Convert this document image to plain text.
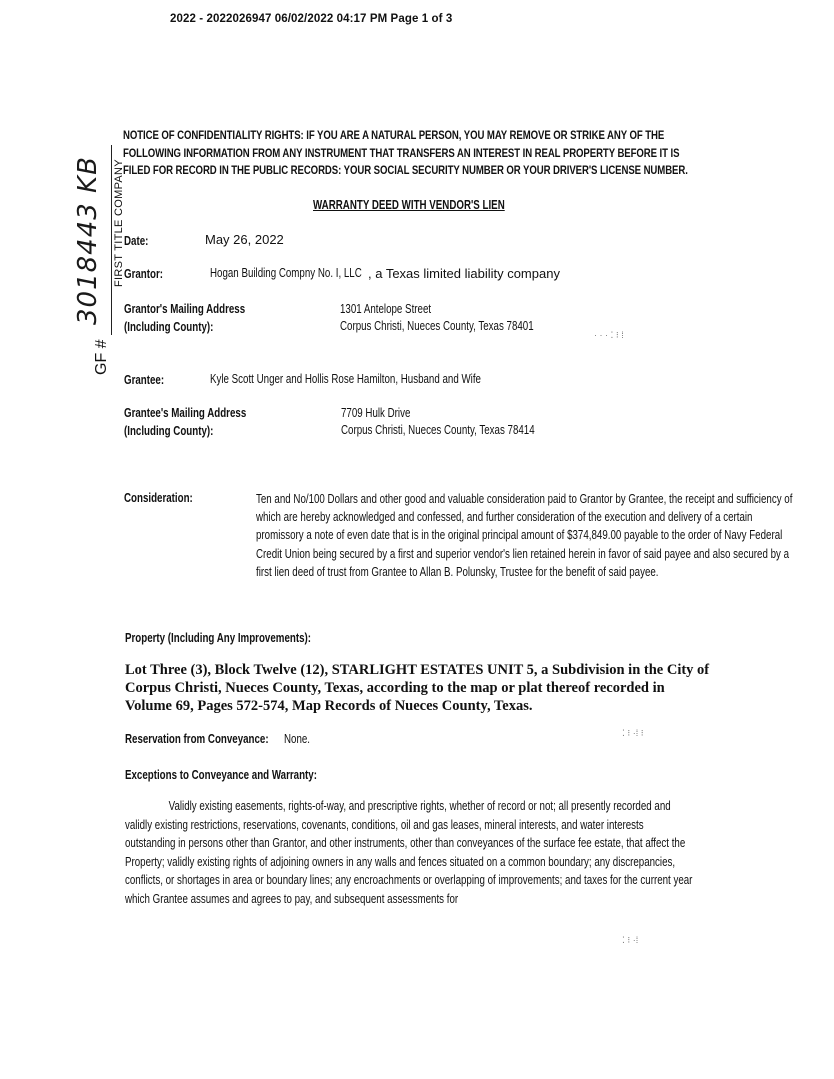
2022 - 2022026947 06/02/2022 04:17 PM Page 1 of 3
GF #
3018443 KB FIRST TITLE COMPANY
NOTICE OF CONFIDENTIALITY RIGHTS: IF YOU ARE A NATURAL PERSON, YOU MAY REMOVE OR STRIKE ANY OF THE FOLLOWING INFORMATION FROM ANY INSTRUMENT THAT TRANSFERS AN INTEREST IN REAL PROPERTY BEFORE IT IS FILED FOR RECORD IN THE PUBLIC RECORDS: YOUR SOCIAL SECURITY NUMBER OR YOUR DRIVER'S LICENSE NUMBER.
WARRANTY DEED WITH VENDOR'S LIEN
Date:	May 26, 2022
Grantor:	Hogan Building Compny No. I, LLC , a Texas limited liability company
Grantor's Mailing Address
(Including County):
1301 Antelope Street
Corpus Christi, Nueces County, Texas 78401
· · · ⁚ ⁝ ⁞
Grantee:	Kyle Scott Unger and Hollis Rose Hamilton, Husband and Wife
Grantee's Mailing Address
(Including County):
7709 Hulk Drive
Corpus Christi, Nueces County, Texas 78414
Consideration:	Ten and No/100 Dollars and other good and valuable consideration paid to Grantor by Grantee, the receipt and sufficiency of which are hereby acknowledged and confessed, and further consideration of the execution and delivery of a certain promissory a note of even date that is in the original principal amount of $374,849.00 payable to the order of Navy Federal Credit Union being secured by a first and superior vendor's lien retained herein in favor of said payee and also secured by a first lien deed of trust from Grantee to Allan B. Polunsky, Trustee for the benefit of said payee.
Property (Including Any Improvements):
Lot Three (3), Block Twelve (12), STARLIGHT ESTATES UNIT 5, a Subdivision in the City of Corpus Christi, Nueces County, Texas, according to the map or plat thereof recorded in Volume 69, Pages 572-574, Map Records of Nueces County, Texas.
Reservation from Conveyance: None.	⁚ ⁝ ·⁞ ⁝
Exceptions to Conveyance and Warranty:
Validly existing easements, rights-of-way, and prescriptive rights, whether of record or not; all presently recorded and validly existing restrictions, reservations, covenants, conditions, oil and gas leases, mineral interests, and water interests outstanding in persons other than Grantor, and other instruments, other than conveyances of the surface fee estate, that affect the Property; validly existing rights of adjoining owners in any walls and fences situated on a common boundary; any discrepancies, conflicts, or shortages in area or boundary lines; any encroachments or overlapping of improvements; and taxes for the current year which Grantee assumes and agrees to pay, and subsequent assessments for
⁚ ⁝ ·⁞
